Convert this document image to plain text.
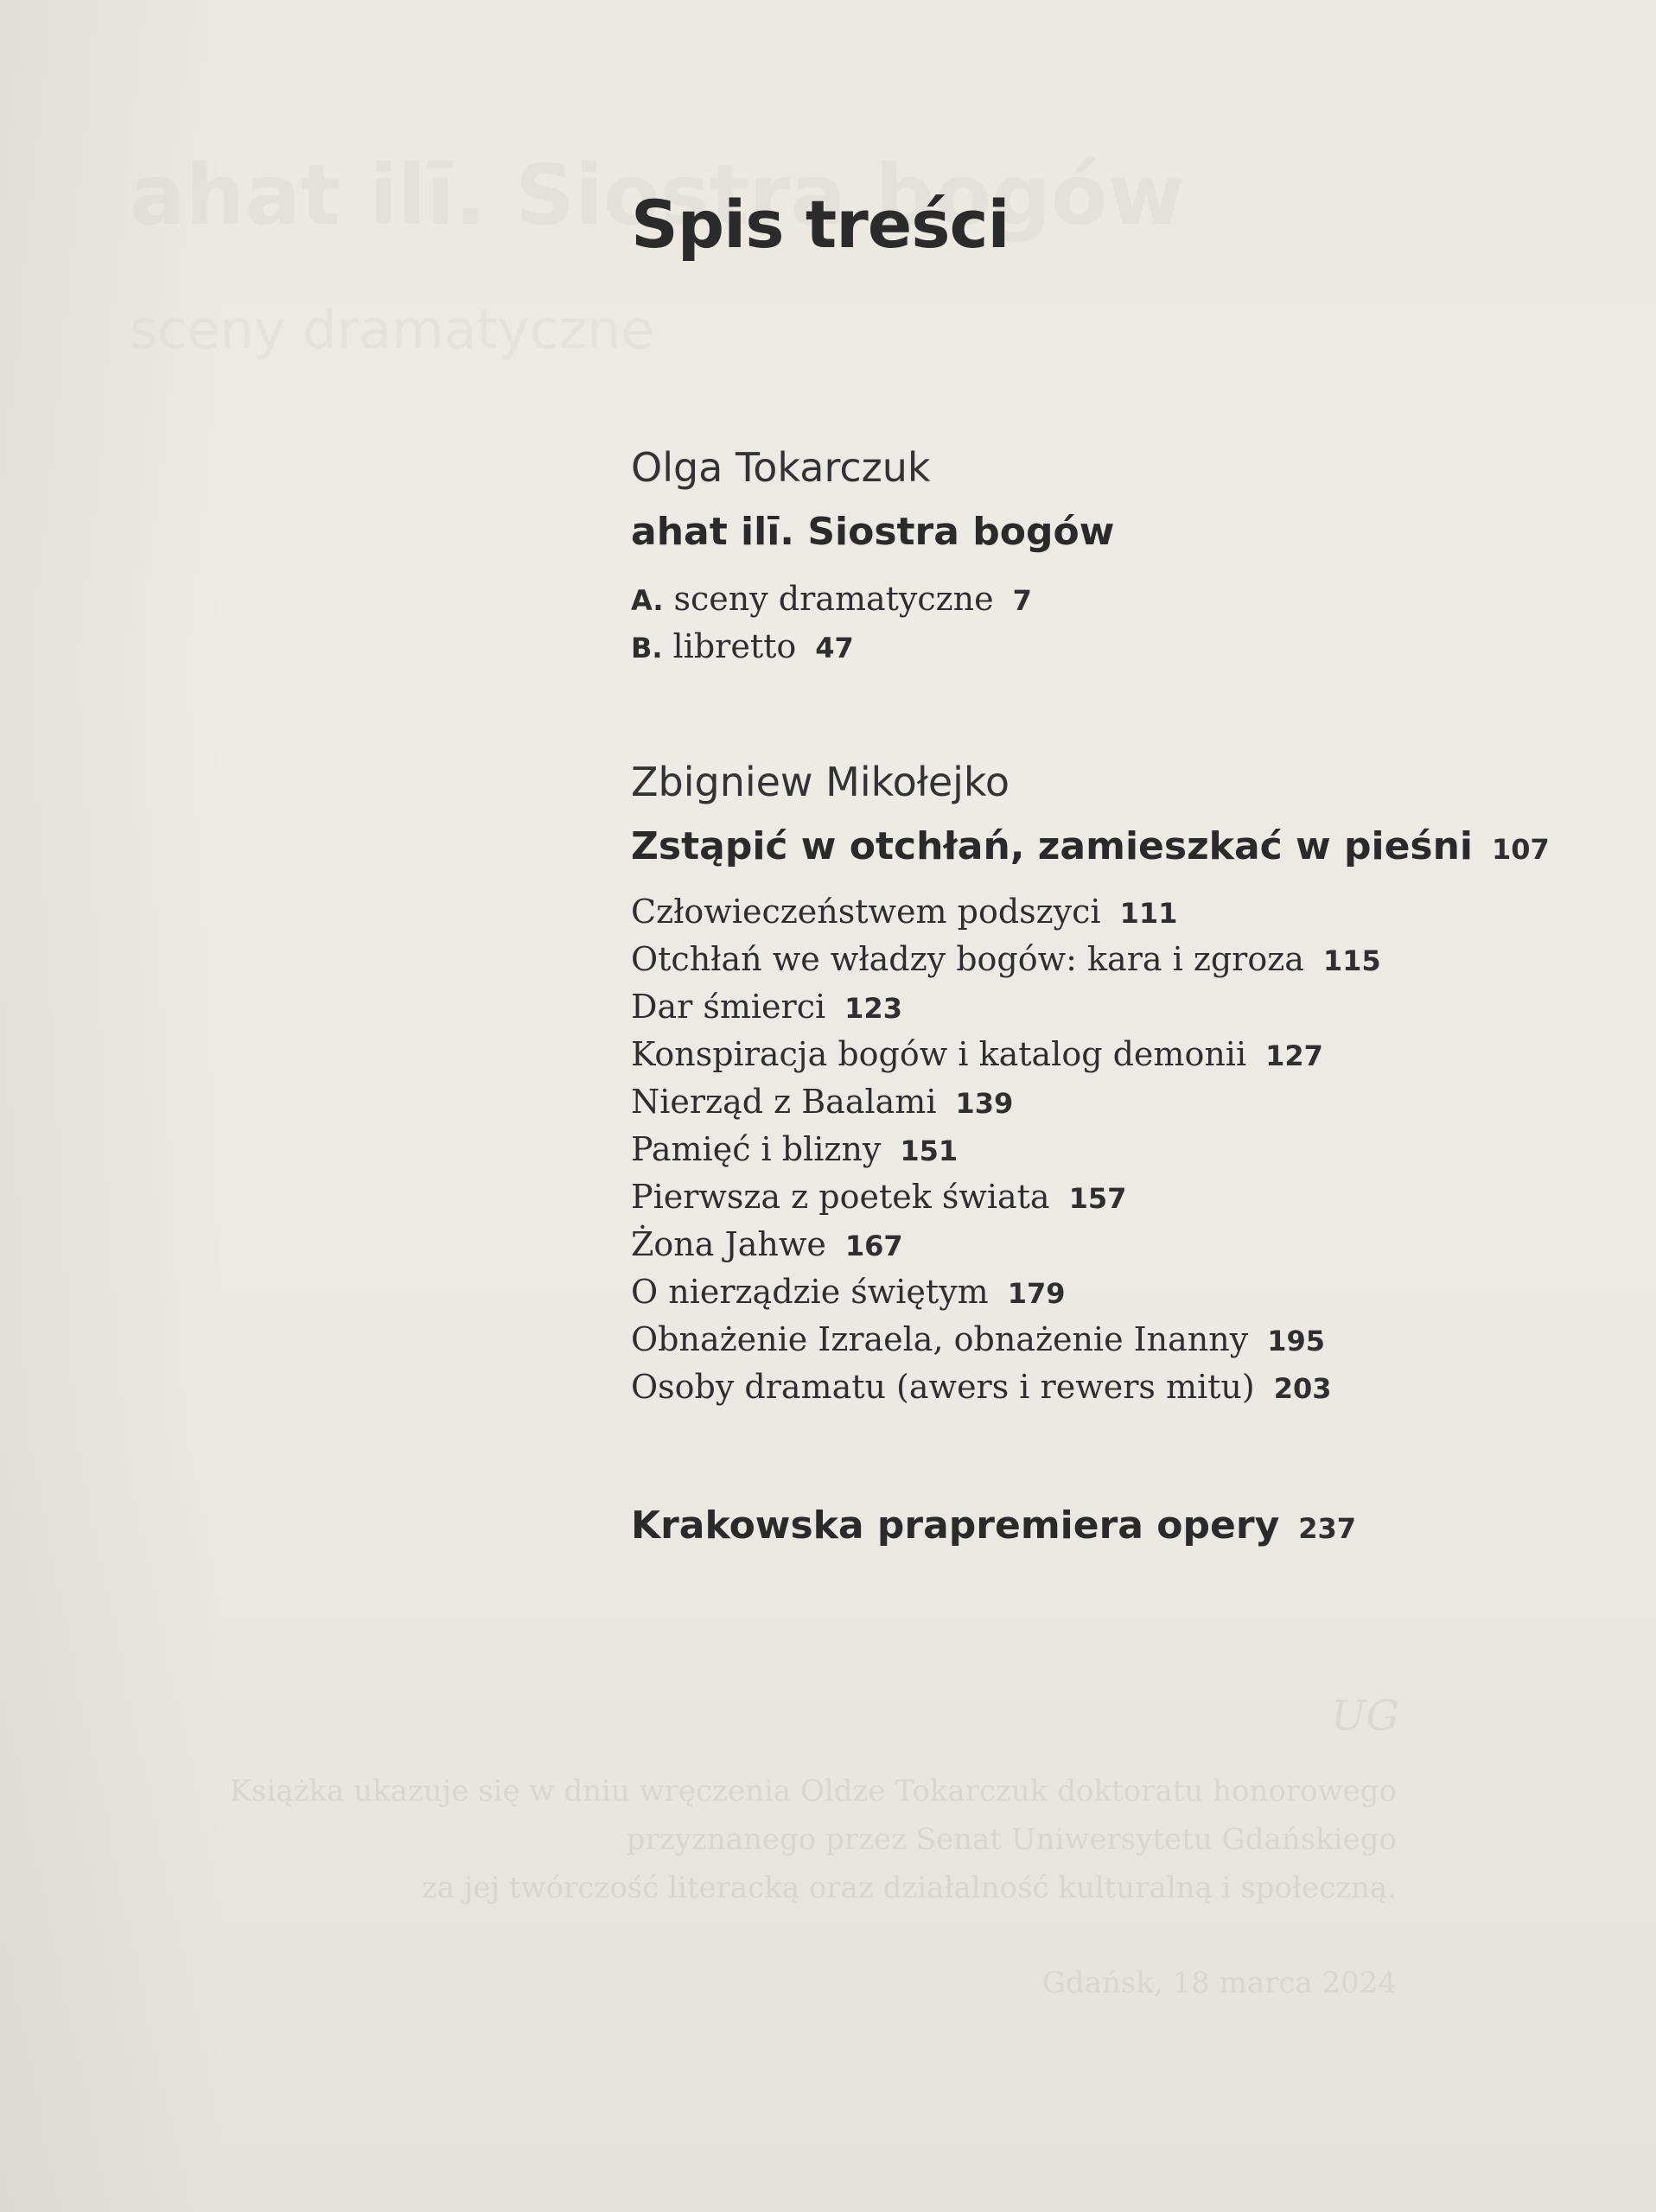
UG
Książka ukazuje się w dniu wręczenia Oldze Tokarczuk doktoratu honorowego
przyznanego przez Senat Uniwersytetu Gdańskiego
za jej twórczość literacką oraz działalność kulturalną i społeczną.
Gdańsk, 18 marca 2024
Spis treści

Olga Tokarczuk

ahat ilī. Siostra bogów

A. sceny dramatyczne 7
B. libretto 47

Zbigniew Mikołejko

Zstąpić w otchłań, zamieszkać w pieśni 107

Człowieczeństwem podszyci 111
Otchłań we władzy bogów: kara i zgroza 115
Dar śmierci 123
Konspiracja bogów i katalog demonii 127
Nierząd z Baalami 139
Pamięć i blizny 151
Pierwsza z poetek świata 157
Żona Jahwe 167
O nierządzie świętym 179
Obnażenie Izraela, obnażenie Inanny 195
Osoby dramatu (awers i rewers mitu) 203

Krakowska prapremiera opery 237
